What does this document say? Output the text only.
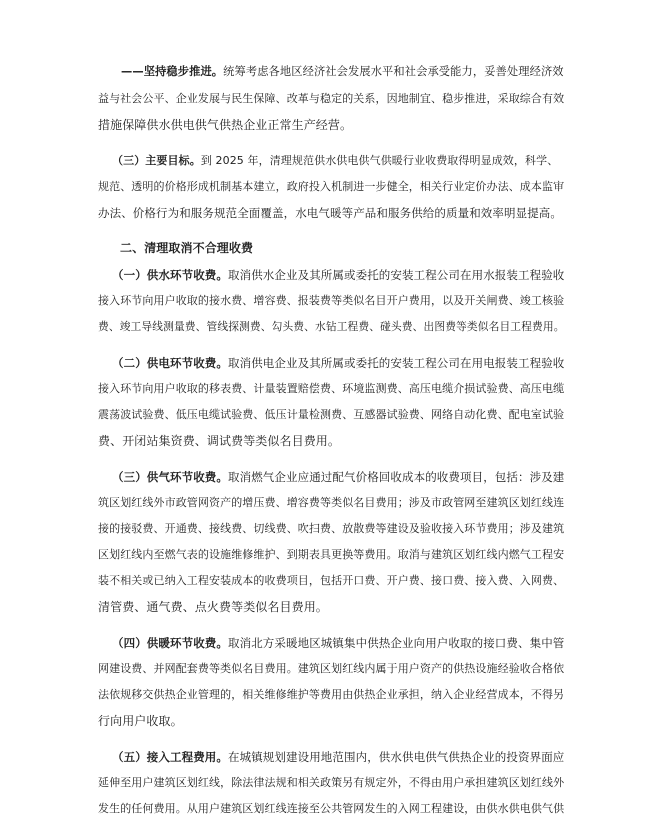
——坚持稳步推进。统筹考虑各地区经济社会发展水平和社会承受能力，妥善处理经济效
益与社会公平、企业发展与民生保障、改革与稳定的关系，因地制宜、稳步推进，采取综合有效
措施保障供水供电供气供热企业正常生产经营。
（三）主要目标。到 2025 年，清理规范供水供电供气供暖行业收费取得明显成效，科学、
规范、透明的价格形成机制基本建立，政府投入机制进一步健全，相关行业定价办法、成本监审
办法、价格行为和服务规范全面覆盖，水电气暖等产品和服务供给的质量和效率明显提高。
二、清理取消不合理收费
（一）供水环节收费。取消供水企业及其所属或委托的安装工程公司在用水报装工程验收
接入环节向用户收取的接水费、增容费、报装费等类似名目开户费用，以及开关闸费、竣工核验
费、竣工导线测量费、管线探测费、勾头费、水钻工程费、碰头费、出图费等类似名目工程费用。
（二）供电环节收费。取消供电企业及其所属或委托的安装工程公司在用电报装工程验收
接入环节向用户收取的移表费、计量装置赔偿费、环境监测费、高压电缆介损试验费、高压电缆
震荡波试验费、低压电缆试验费、低压计量检测费、互感器试验费、网络自动化费、配电室试验
费、开闭站集资费、调试费等类似名目费用。
（三）供气环节收费。取消燃气企业应通过配气价格回收成本的收费项目，包括：涉及建
筑区划红线外市政管网资产的增压费、增容费等类似名目费用；涉及市政管网至建筑区划红线连
接的接驳费、开通费、接线费、切线费、吹扫费、放散费等建设及验收接入环节费用；涉及建筑
区划红线内至燃气表的设施维修维护、到期表具更换等费用。取消与建筑区划红线内燃气工程安
装不相关或已纳入工程安装成本的收费项目，包括开口费、开户费、接口费、接入费、入网费、
清管费、通气费、点火费等类似名目费用。
（四）供暖环节收费。取消北方采暖地区城镇集中供热企业向用户收取的接口费、集中管
网建设费、并网配套费等类似名目费用。建筑区划红线内属于用户资产的供热设施经验收合格依
法依规移交供热企业管理的，相关维修维护等费用由供热企业承担，纳入企业经营成本，不得另
行向用户收取。
（五）接入工程费用。在城镇规划建设用地范围内，供水供电供气供热企业的投资界面应
延伸至用户建筑区划红线，除法律法规和相关政策另有规定外，不得由用户承担建筑区划红线外
发生的任何费用。从用户建筑区划红线连接至公共管网发生的入网工程建设，由供水供电供气供
